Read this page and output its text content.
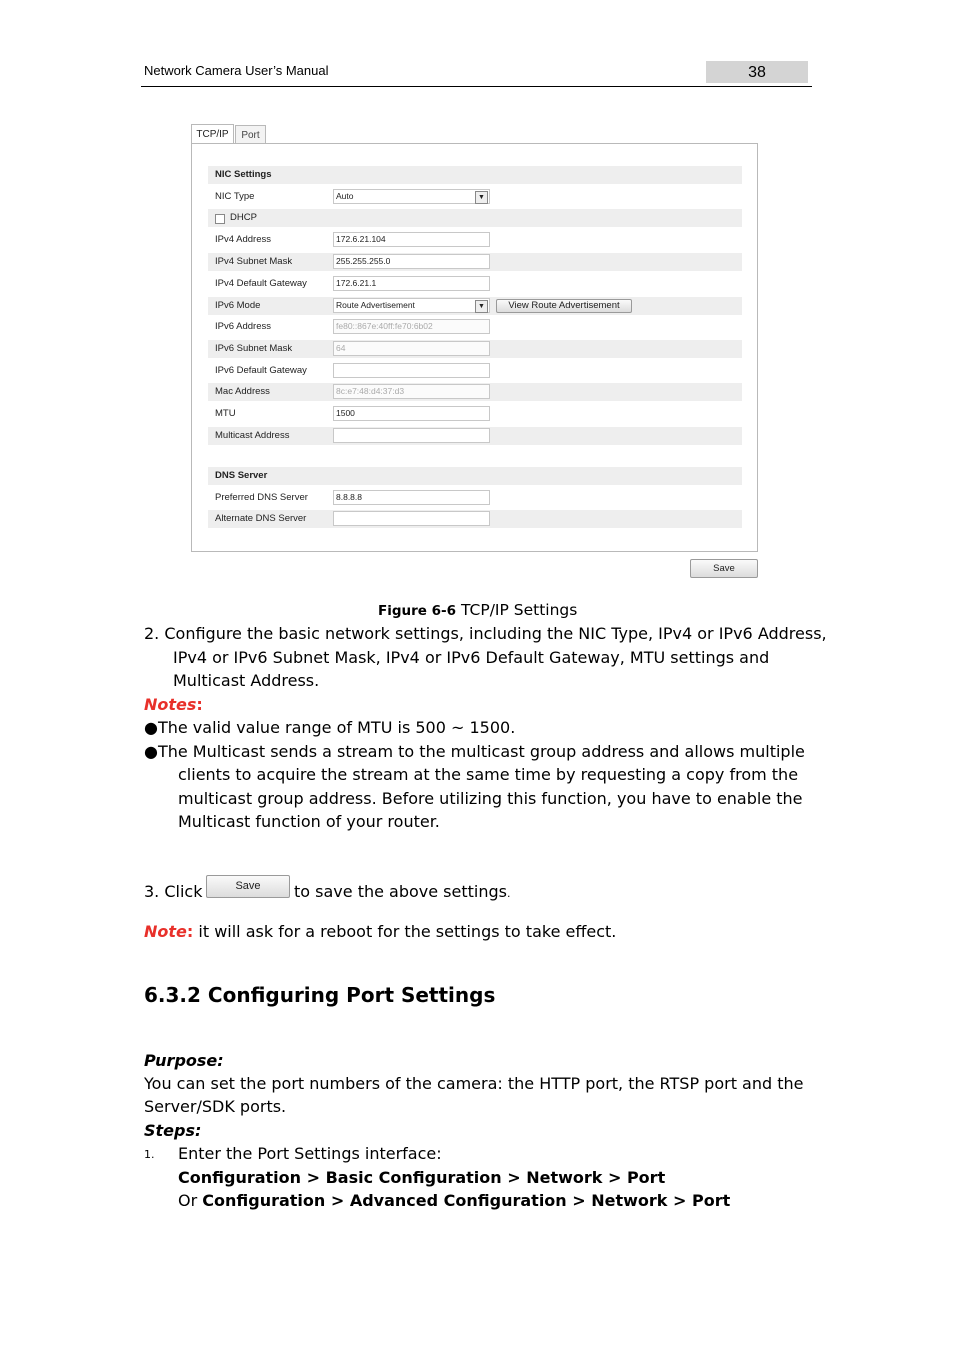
Network Camera User’s Manual	38
TCP/IP	Port
NIC Settings
NIC Type	Auto	▼
DHCP
IPv4 Address	172.6.21.104
IPv4 Subnet Mask	255.255.255.0
IPv4 Default Gateway	172.6.21.1
IPv6 Mode	Route Advertisement	▼	View Route Advertisement
IPv6 Address	fe80::867e:40ff:fe70:6b02
IPv6 Subnet Mask	64
IPv6 Default Gateway
Mac Address	8c:e7:48:d4:37:d3
MTU	1500
Multicast Address
DNS Server
Preferred DNS Server	8.8.8.8
Alternate DNS Server
Save
Figure 6-6 TCP/IP Settings
2. Configure the basic network settings, including the NIC Type, IPv4 or IPv6 Address,
IPv4 or IPv6 Subnet Mask, IPv4 or IPv6 Default Gateway, MTU settings and
Multicast Address.
Notes:
●The valid value range of MTU is 500 ~ 1500.
●The Multicast sends a stream to the multicast group address and allows multiple
clients to acquire the stream at the same time by requesting a copy from the
multicast group address. Before utilizing this function, you have to enable the
Multicast function of your router.
3. Click	Save	to save the above settings.
Note: it will ask for a reboot for the settings to take effect.
6.3.2 Configuring Port Settings
Purpose:
You can set the port numbers of the camera: the HTTP port, the RTSP port and the
Server/SDK ports.
Steps:
1. Enter the Port Settings interface:
Configuration > Basic Configuration > Network > Port
Or Configuration > Advanced Configuration > Network > Port
